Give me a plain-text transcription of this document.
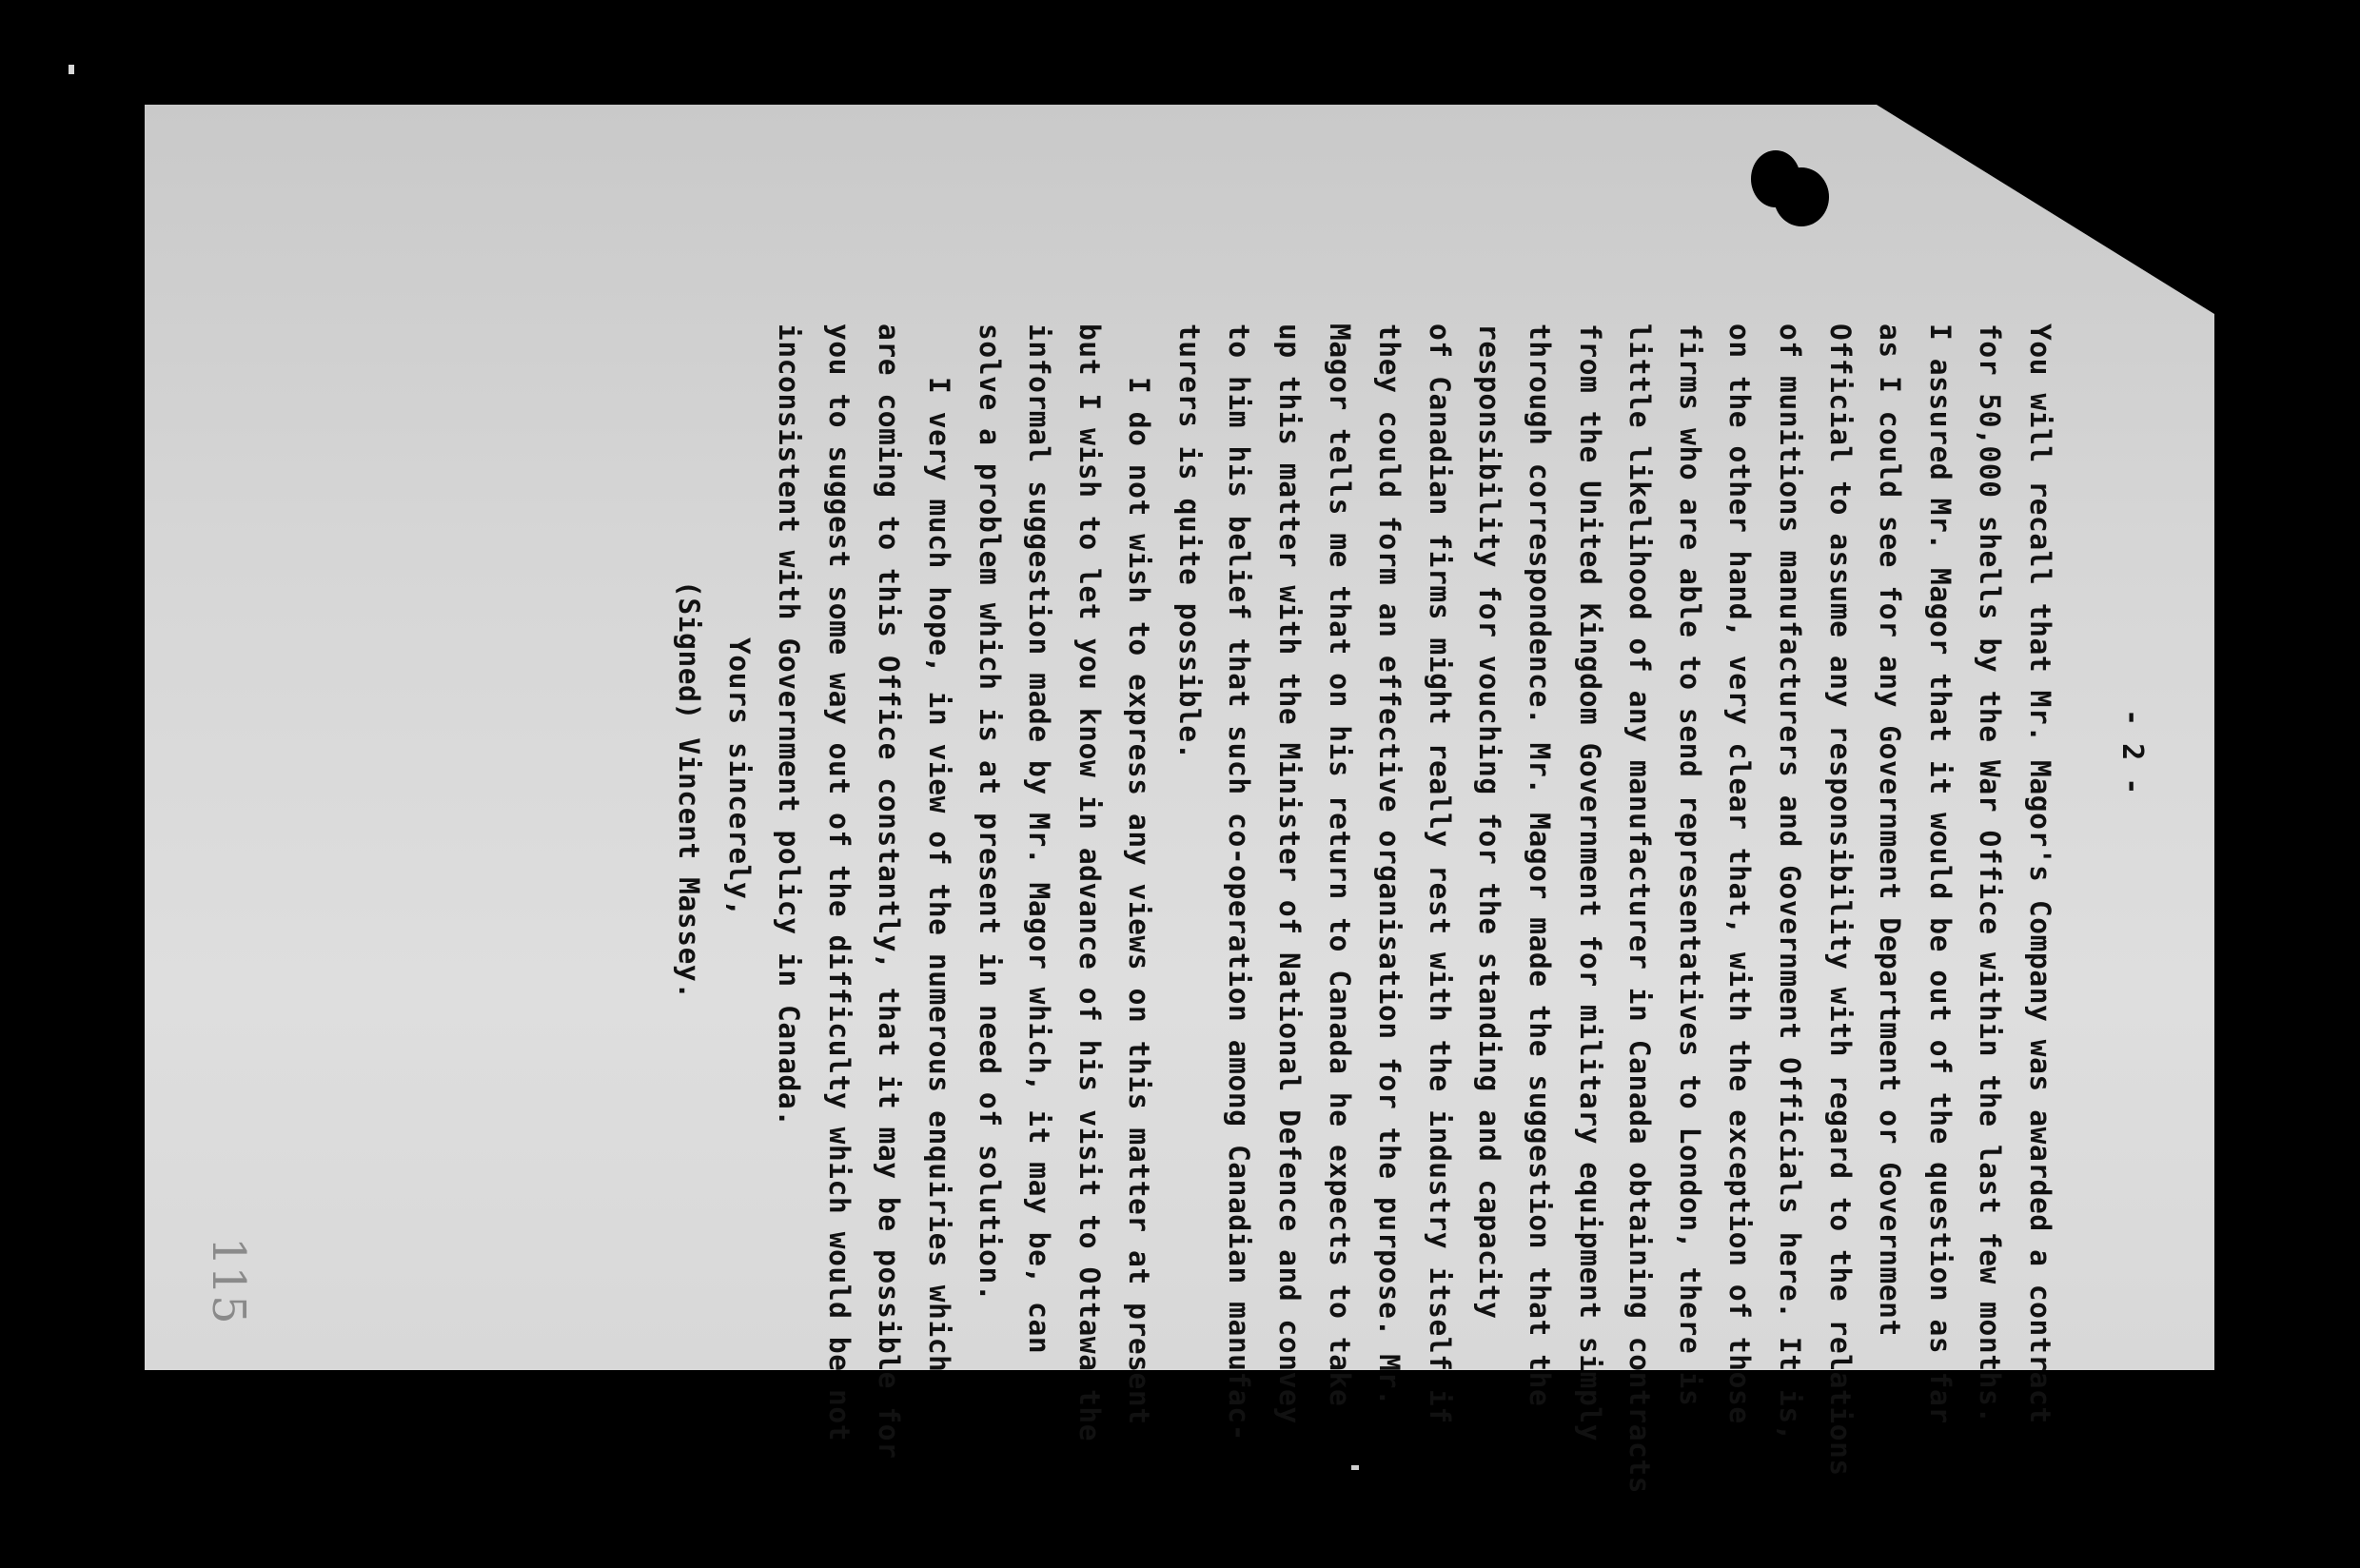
- 2 -
You will recall that Mr. Magor's Company was awarded a contract
for 50,000 shells by the War Office within the last few months.
I assured Mr. Magor that it would be out of the question as far
as I could see for any Government Department or Government
Official to assume any responsibility with regard to the relations
of munitions manufacturers and Government Officials here. It is,
on the other hand, very clear that, with the exception of those
firms who are able to send representatives to London, there is
little likelihood of any manufacturer in Canada obtaining contracts
from the United Kingdom Government for military equipment simply
through correspondence. Mr. Magor made the suggestion that the
responsibility for vouching for the standing and capacity
of Canadian firms might really rest with the industry itself if
they could form an effective organisation for the purpose. Mr.
Magor tells me that on his return to Canada he expects to take
up this matter with the Minister of National Defence and convey
to him his belief that such co-operation among Canadian manufac-
turers is quite possible.
I do not wish to express any views on this matter at present
but I wish to let you know in advance of his visit to Ottawa the
informal suggestion made by Mr. Magor which, it may be, can
solve a problem which is at present in need of solution.
I very much hope, in view of the numerous enquiries which
are coming to this Office constantly, that it may be possible for
you to suggest some way out of the difficulty which would be not
inconsistent with Government policy in Canada.
Yours sincerely,
(Signed) Vincent Massey.
115
